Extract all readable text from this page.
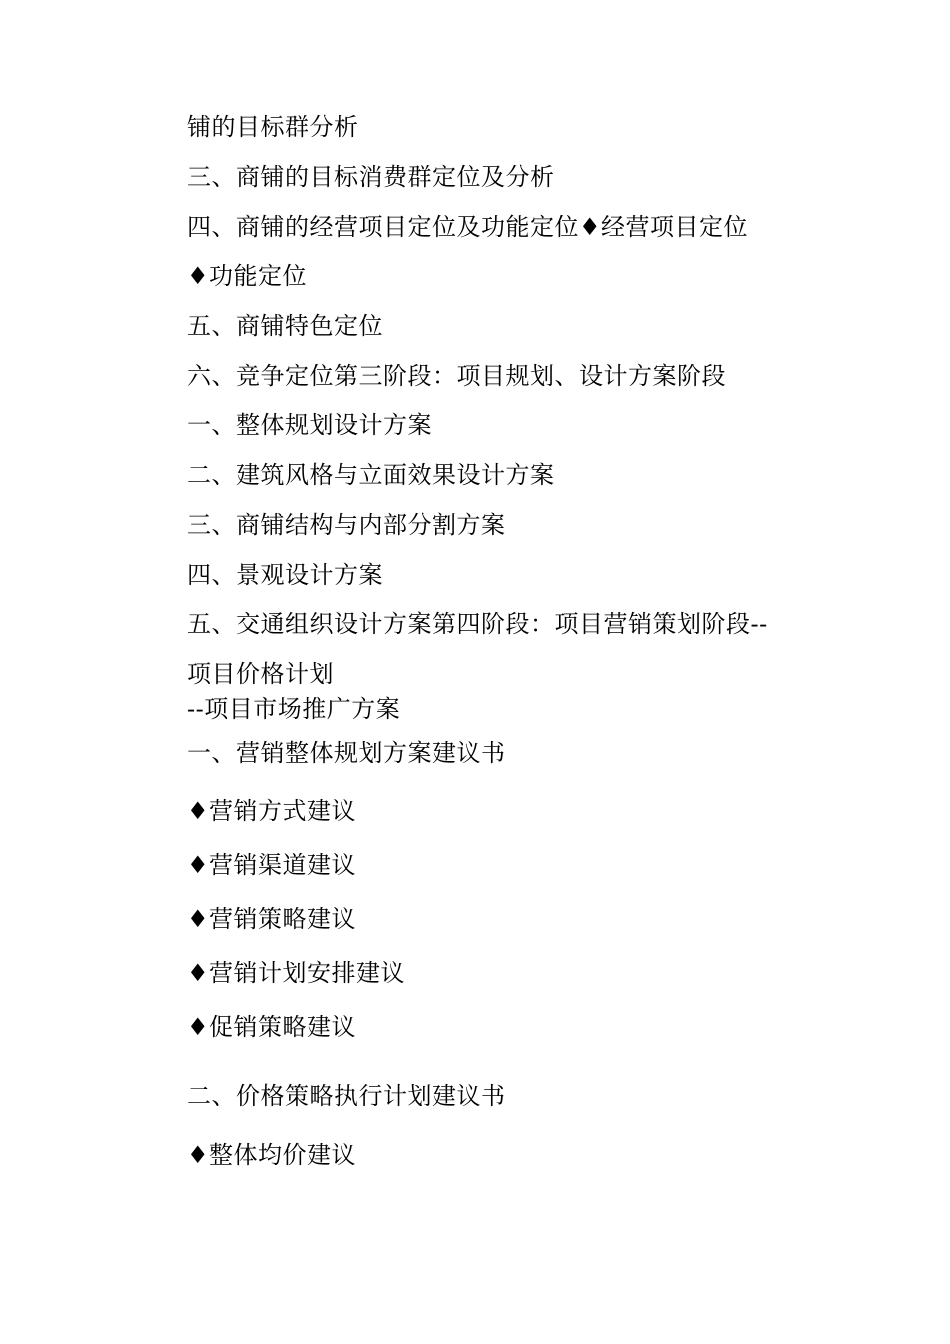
铺的目标群分析
三、商铺的目标消费群定位及分析
四、商铺的经营项目定位及功能定位♦经营项目定位
♦功能定位
五、商铺特色定位
六、竞争定位第三阶段：项目规划、设计方案阶段
一、整体规划设计方案
二、建筑风格与立面效果设计方案
三、商铺结构与内部分割方案
四、景观设计方案
五、交通组织设计方案第四阶段：项目营销策划阶段--
项目价格计划
--项目市场推广方案
一、营销整体规划方案建议书
♦营销方式建议
♦营销渠道建议
♦营销策略建议
♦营销计划安排建议
♦促销策略建议
二、价格策略执行计划建议书
♦整体均价建议
